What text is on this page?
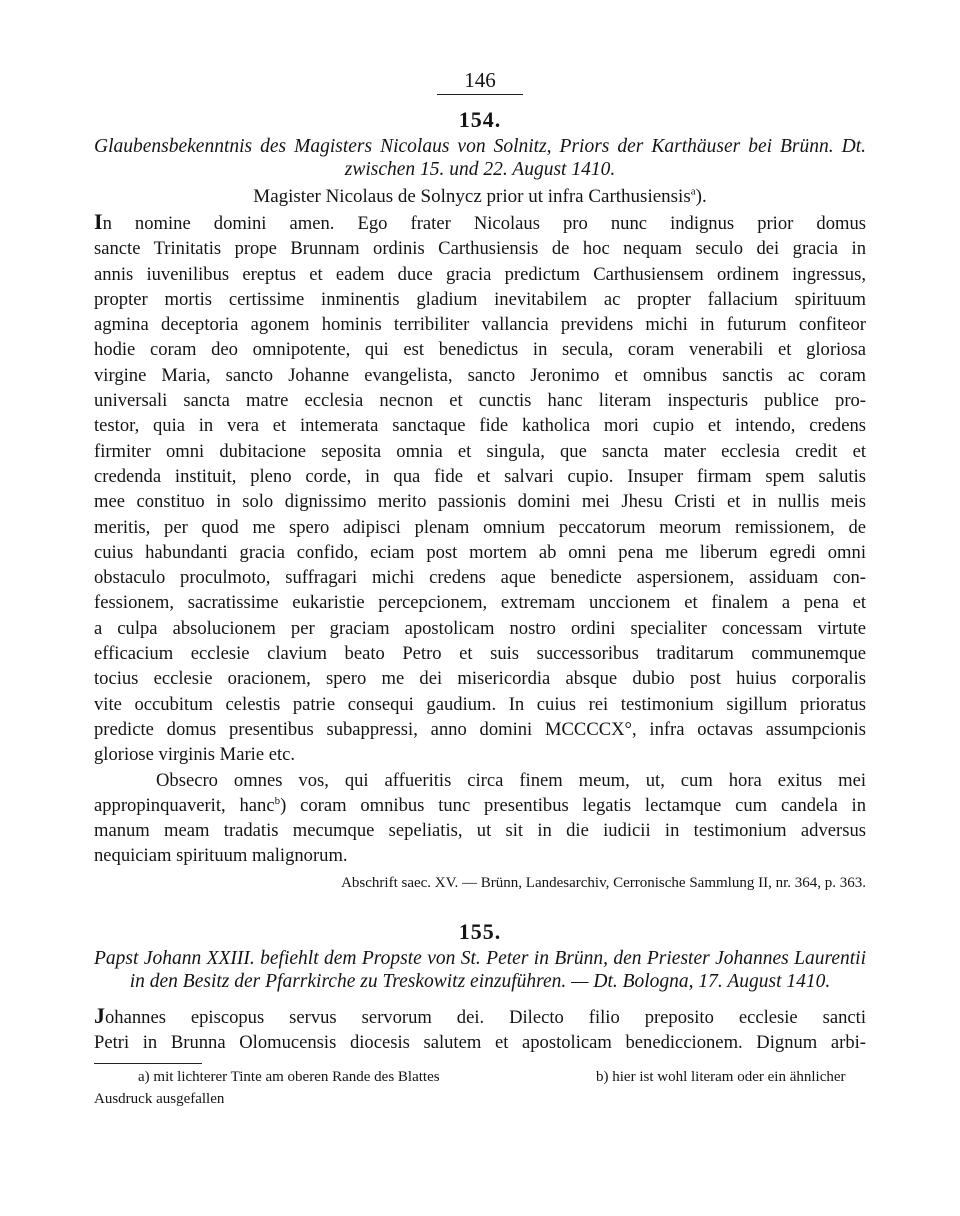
146
154.
Glaubensbekenntnis des Magisters Nicolaus von Solnitz, Priors der Karthäuser bei Brünn. Dt. zwischen 15. und 22. August 1410.
Magister Nicolaus de Solnycz prior ut infra Carthusiensis$^a$).
In nomine domini amen. Ego frater Nicolaus pro nunc indignus prior domus
sancte Trinitatis prope Brunnam ordinis Carthusiensis de hoc nequam seculo dei gracia in
annis iuvenilibus ereptus et eadem duce gracia predictum Carthusiensem ordinem ingressus,
propter mortis certissime inminentis gladium inevitabilem ac propter fallacium spirituum
agmina deceptoria agonem hominis terribiliter vallancia previdens michi in futurum confiteor
hodie coram deo omnipotente, qui est benedictus in secula, coram venerabili et gloriosa
virgine Maria, sancto Johanne evangelista, sancto Jeronimo et omnibus sanctis ac coram
universali sancta matre ecclesia necnon et cunctis hanc literam inspecturis publice pro-
testor, quia in vera et intemerata sanctaque fide katholica mori cupio et intendo, credens
firmiter omni dubitacione seposita omnia et singula, que sancta mater ecclesia credit et
credenda instituit, pleno corde, in qua fide et salvari cupio. Insuper firmam spem salutis
mee constituo in solo dignissimo merito passionis domini mei Jhesu Cristi et in nullis meis
meritis, per quod me spero adipisci plenam omnium peccatorum meorum remissionem, de
cuius habundanti gracia confido, eciam post mortem ab omni pena me liberum egredi omni
obstaculo proculmoto, suffragari michi credens aque benedicte aspersionem, assiduam con-
fessionem, sacratissime eukaristie percepcionem, extremam unccionem et finalem a pena et
a culpa absolucionem per graciam apostolicam nostro ordini specialiter concessam virtute
efficacium ecclesie clavium beato Petro et suis successoribus traditarum communemque
tocius ecclesie oracionem, spero me dei misericordia absque dubio post huius corporalis
vite occubitum celestis patrie consequi gaudium. In cuius rei testimonium sigillum prioratus
predicte domus presentibus subappressi, anno domini MCCCCX°, infra octavas assumpcionis
gloriose virginis Marie etc.
Obsecro omnes vos, qui affueritis circa finem meum, ut, cum hora exitus mei
appropinquaverit, hanc$^b$) coram omnibus tunc presentibus legatis lectamque cum candela in
manum meam tradatis mecumque sepeliatis, ut sit in die iudicii in testimonium adversus
nequiciam spirituum malignorum.
Abschrift saec. XV. — Brünn, Landesarchiv, Cerronische Sammlung II, nr. 364, p. 363.
155.
Papst Johann XXIII. befiehlt dem Propste von St. Peter in Brünn, den Priester Johannes Laurentii in den Besitz der Pfarrkirche zu Treskowitz einzuführen. — Dt. Bologna, 17. August 1410.
Johannes episcopus servus servorum dei. Dilecto filio preposito ecclesie sancti
Petri in Brunna Olomucensis diocesis salutem et apostolicam benediccionem. Dignum arbi-
a) mit lichterer Tinte am oberen Rande des Blattes	b) hier ist wohl literam oder ein ähnlicher
Ausdruck ausgefallen
